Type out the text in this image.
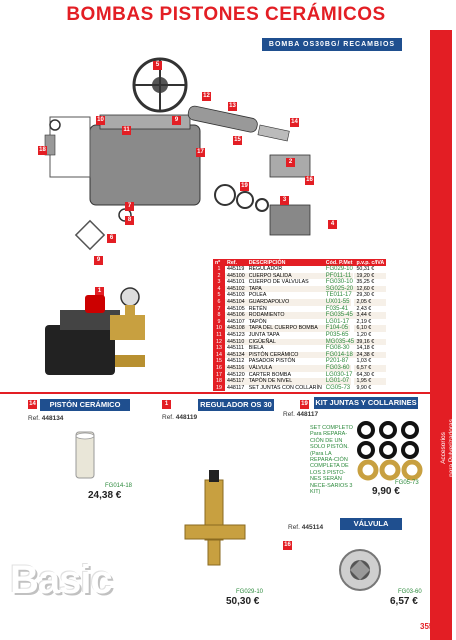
BOMBAS PISTONES CERÁMICOS
BOMBA OS30BG/ RECAMBIOS
Accesorios para Pulverizadoras
5
10
11
18
12
13
9	14
15
17
2
16
19
3
7
8
4
6
9
1
nº	Ref.	DESCRIPCIÓN	Cód. P.Met	p.v.p. c/IVA
1	445119	REGULADOR		FG029-10 50,31 €
2	445100	CUERPO SALIDA		PF011-11 19,20 €
3	445101	CUERPO DE VÁLVULAS		FG030-10 35,25 €
4	445102	TAPA		SG025-20 12,60 €
5	445103	POLEA		TE011-17 29,30 €
6	445104	GUARDAPOLVO		UX01-55	2,05 €
7	445105	RETÉN		F035-41	2,43 €
8	445106	RODAMIENTO		FG035-45 3,44 €
9	445107	TAPÓN		LG01-17	2,19 €
10	445108	TAPA DEL CUERPO BOMBA		F104-05	6,10 €
11	445123	JUNTA TAPA		P035-65	1,20 €
12	445110	CIGÜEÑAL		MG035-45 39,16 €
13	445111	BIELA		FG08-30	14,18 €
14	445134	PISTÓN CERÁMICO		FG014-18 24,38 €
15	445112	PASADOR PISTÓN		P201-87	1,03 €
16	445116	VÁLVULA		FG03-60	6,57 €
17	445120	CARTER BOMBA		LG030-17 64,30 €
18	445117	TAPÓN DE NIVEL		LG01-07	1,95 €
19	448117	SET JUNTAS CON COLLARÍN	CG05-73	9,90 €
14	PISTÓN CERÁMICO
Ref. 448134
FG014-18
24,38 €
1	REGULADOR OS 30
Ref. 448119
FG029-10
50,30 €
19 KIT JUNTAS Y COLLARINES
Ref. 448117
SET COMPLETO Para REPARA-CIÓN DE UN SOLO PISTÓN. (Para LA REPARA-CIÓN COMPLETA DE LOS 3 PISTO-NES SERÁN NECE-SARIOS 3 KIT)
FG05-73
9,90 €
Ref. 445114	VÁLVULA
16
FG03-60
6,57 €
Basic
355
